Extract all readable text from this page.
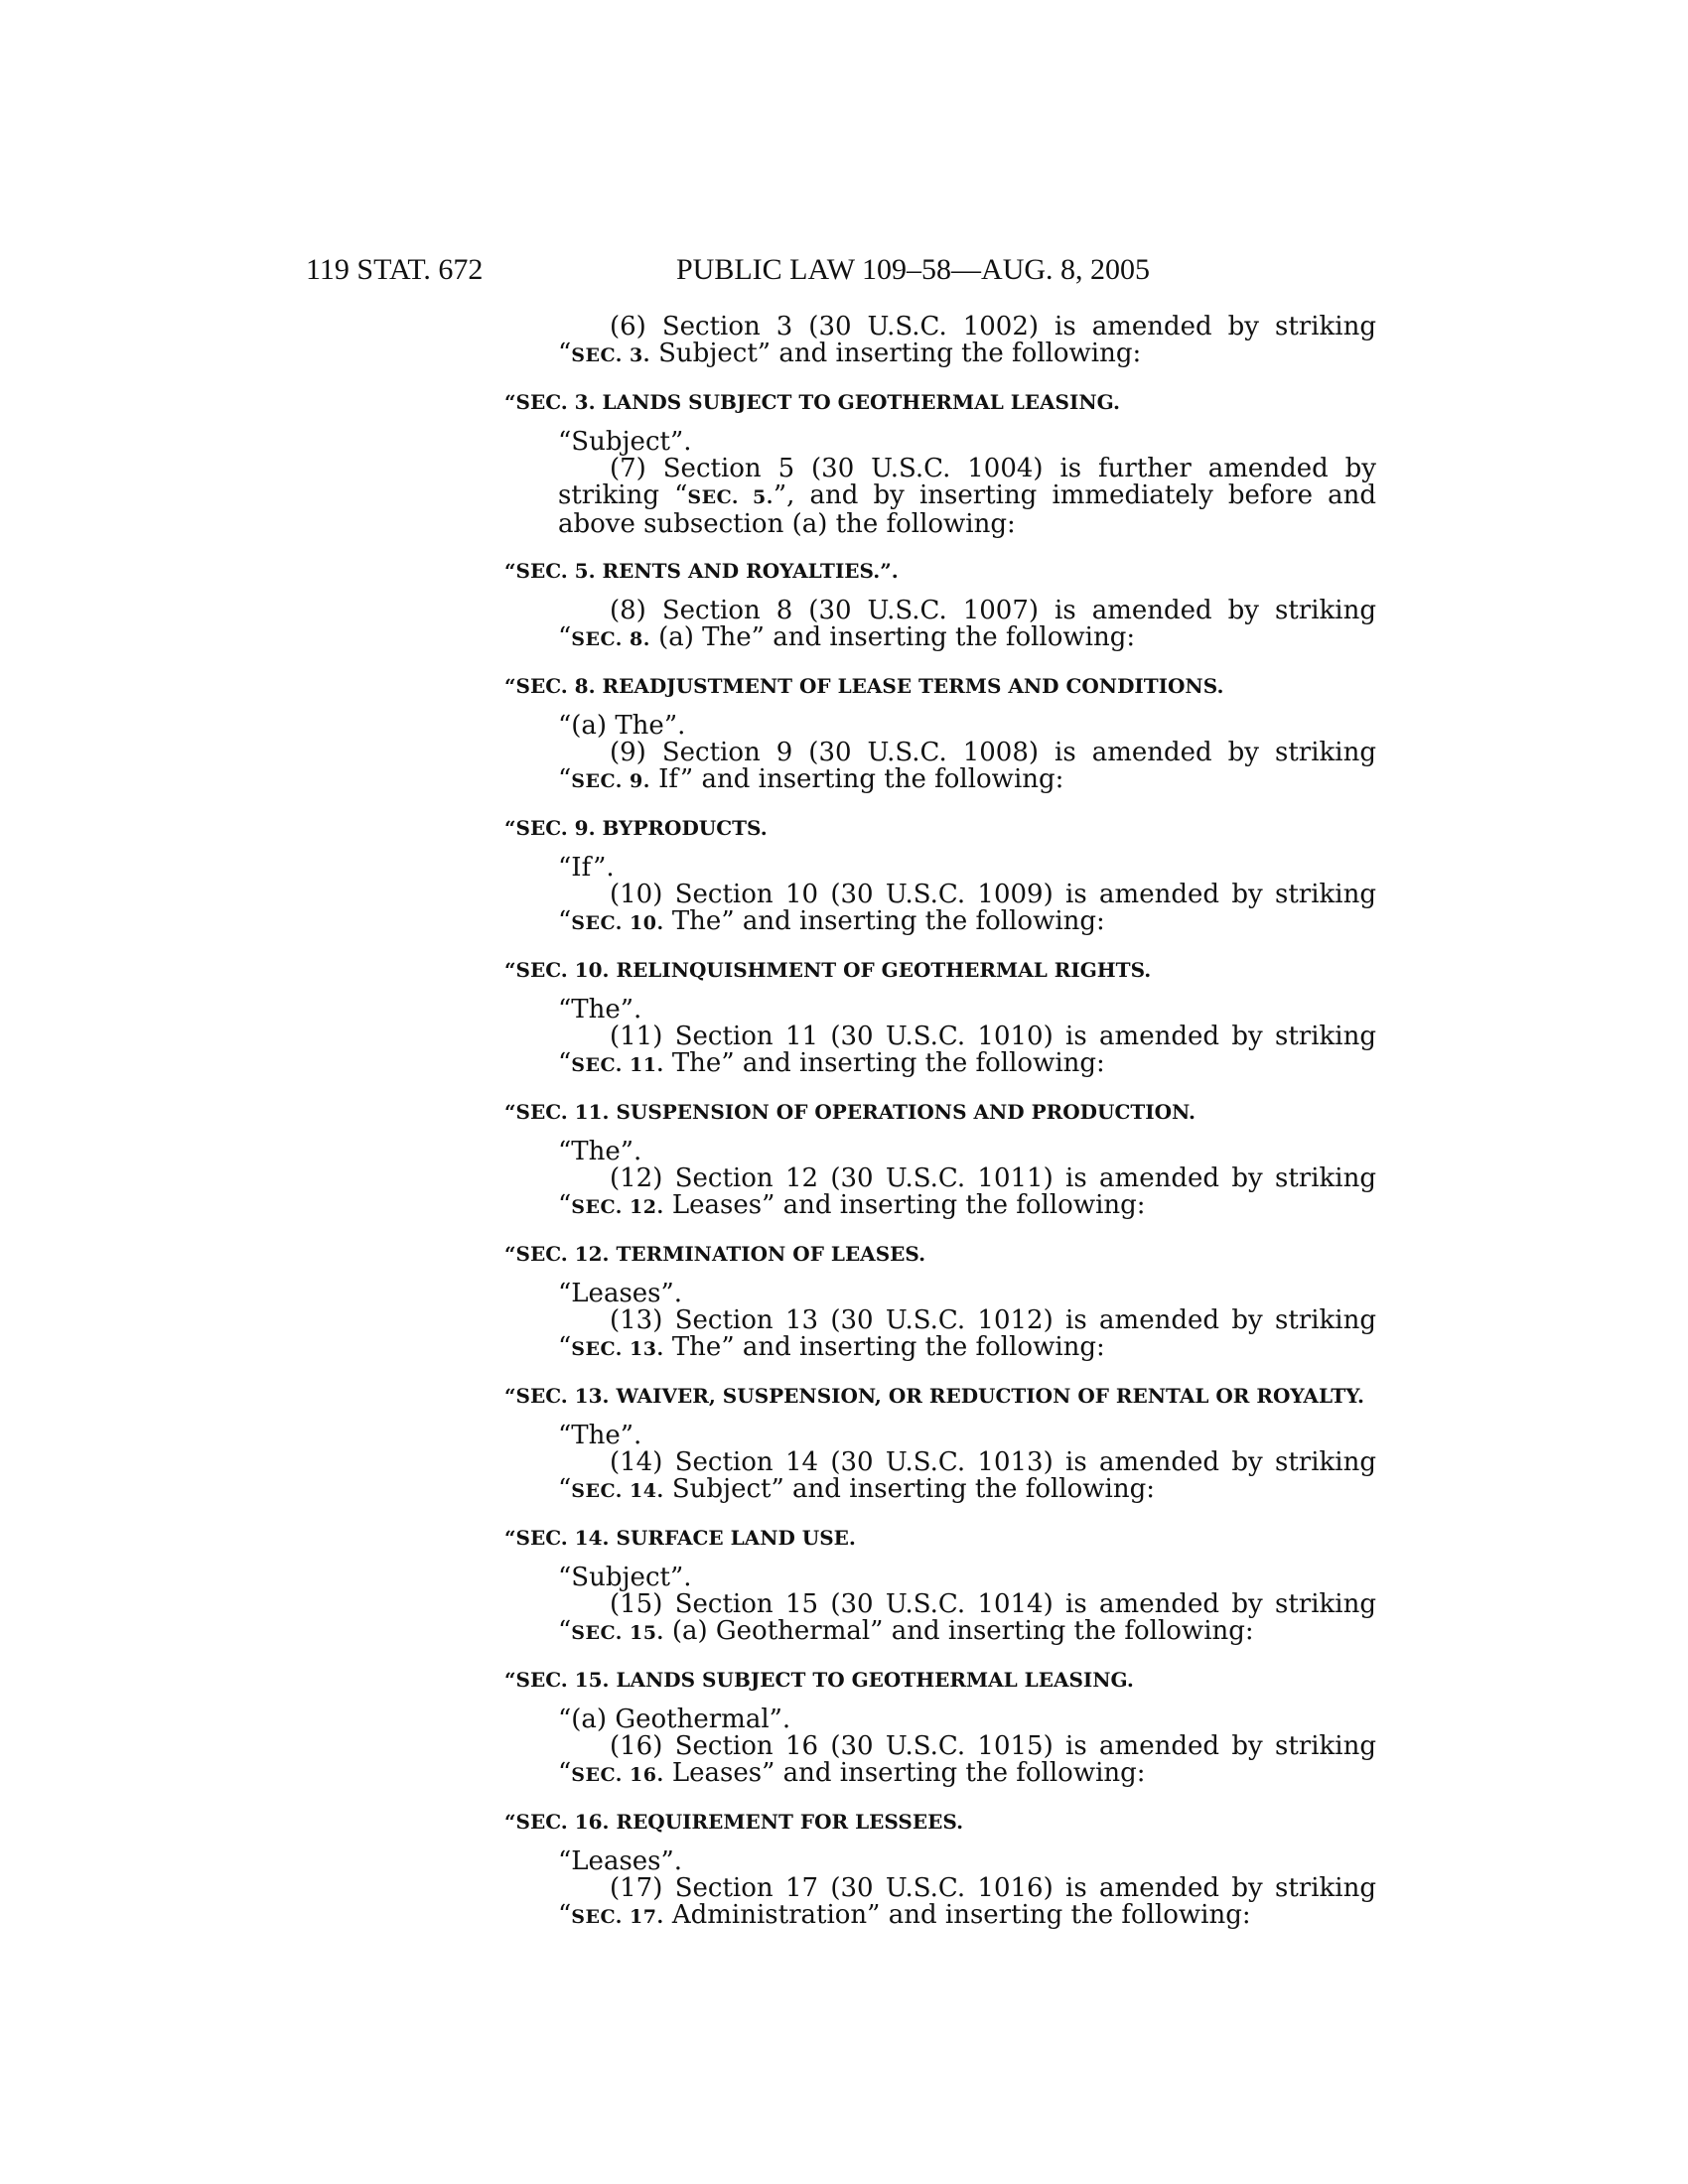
119 STAT. 672	PUBLIC LAW 109–58—AUG. 8, 2005

(6) Section 3 (30 U.S.C. 1002) is amended by striking “SEC. 3. Subject” and inserting the following:

“SEC. 3. LANDS SUBJECT TO GEOTHERMAL LEASING.

“Subject”.

(7) Section 5 (30 U.S.C. 1004) is further amended by striking “SEC. 5.”, and by inserting immediately before and above subsection (a) the following:

“SEC. 5. RENTS AND ROYALTIES.”.

(8) Section 8 (30 U.S.C. 1007) is amended by striking “SEC. 8. (a) The” and inserting the following:

“SEC. 8. READJUSTMENT OF LEASE TERMS AND CONDITIONS.

“(a) The”.

(9) Section 9 (30 U.S.C. 1008) is amended by striking “SEC. 9. If” and inserting the following:

“SEC. 9. BYPRODUCTS.

“If”.

(10) Section 10 (30 U.S.C. 1009) is amended by striking “SEC. 10. The” and inserting the following:

“SEC. 10. RELINQUISHMENT OF GEOTHERMAL RIGHTS.

“The”.

(11) Section 11 (30 U.S.C. 1010) is amended by striking “SEC. 11. The” and inserting the following:

“SEC. 11. SUSPENSION OF OPERATIONS AND PRODUCTION.

“The”.

(12) Section 12 (30 U.S.C. 1011) is amended by striking “SEC. 12. Leases” and inserting the following:

“SEC. 12. TERMINATION OF LEASES.

“Leases”.

(13) Section 13 (30 U.S.C. 1012) is amended by striking “SEC. 13. The” and inserting the following:

“SEC. 13. WAIVER, SUSPENSION, OR REDUCTION OF RENTAL OR ROYALTY.

“The”.

(14) Section 14 (30 U.S.C. 1013) is amended by striking “SEC. 14. Subject” and inserting the following:

“SEC. 14. SURFACE LAND USE.

“Subject”.

(15) Section 15 (30 U.S.C. 1014) is amended by striking “SEC. 15. (a) Geothermal” and inserting the following:

“SEC. 15. LANDS SUBJECT TO GEOTHERMAL LEASING.

“(a) Geothermal”.

(16) Section 16 (30 U.S.C. 1015) is amended by striking “SEC. 16. Leases” and inserting the following:

“SEC. 16. REQUIREMENT FOR LESSEES.

“Leases”.

(17) Section 17 (30 U.S.C. 1016) is amended by striking “SEC. 17. Administration” and inserting the following:
